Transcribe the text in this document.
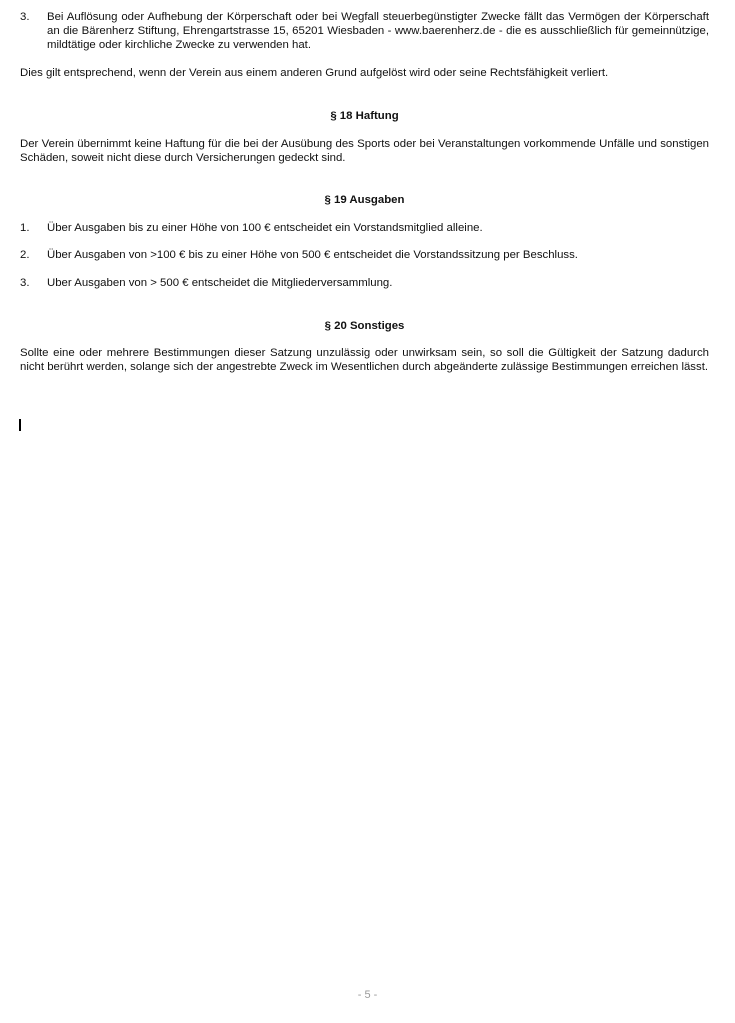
3.	Bei Auflösung oder Aufhebung der Körperschaft oder bei Wegfall steuerbegünstigter Zwecke fällt das Vermögen der Körperschaft an die Bärenherz Stiftung, Ehrengartstrasse 15, 65201 Wiesbaden - www.baerenherz.de - die es ausschließlich für gemeinnützige, mildtätige oder kirchliche Zwecke zu verwenden hat.
Dies gilt entsprechend, wenn der Verein aus einem anderen Grund aufgelöst wird oder seine Rechtsfähigkeit verliert.
§ 18 Haftung
Der Verein übernimmt keine Haftung für die bei der Ausübung des Sports oder bei Veranstaltungen vorkommende Unfälle und sonstigen Schäden, soweit nicht diese durch Versicherungen gedeckt sind.
§ 19 Ausgaben
1.	Über Ausgaben bis zu einer Höhe von 100 € entscheidet ein Vorstandsmitglied alleine.
2.	Über Ausgaben von >100 € bis zu einer Höhe von 500 € entscheidet die Vorstandssitzung per Beschluss.
3.	Uber Ausgaben von > 500 € entscheidet die Mitgliederversammlung.
§ 20 Sonstiges
Sollte eine oder mehrere Bestimmungen dieser Satzung unzulässig oder unwirksam sein, so soll die Gültigkeit der Satzung dadurch nicht berührt werden, solange sich der angestrebte Zweck im Wesentlichen durch abgeänderte zulässige Bestimmungen erreichen lässt.
- 5 -
